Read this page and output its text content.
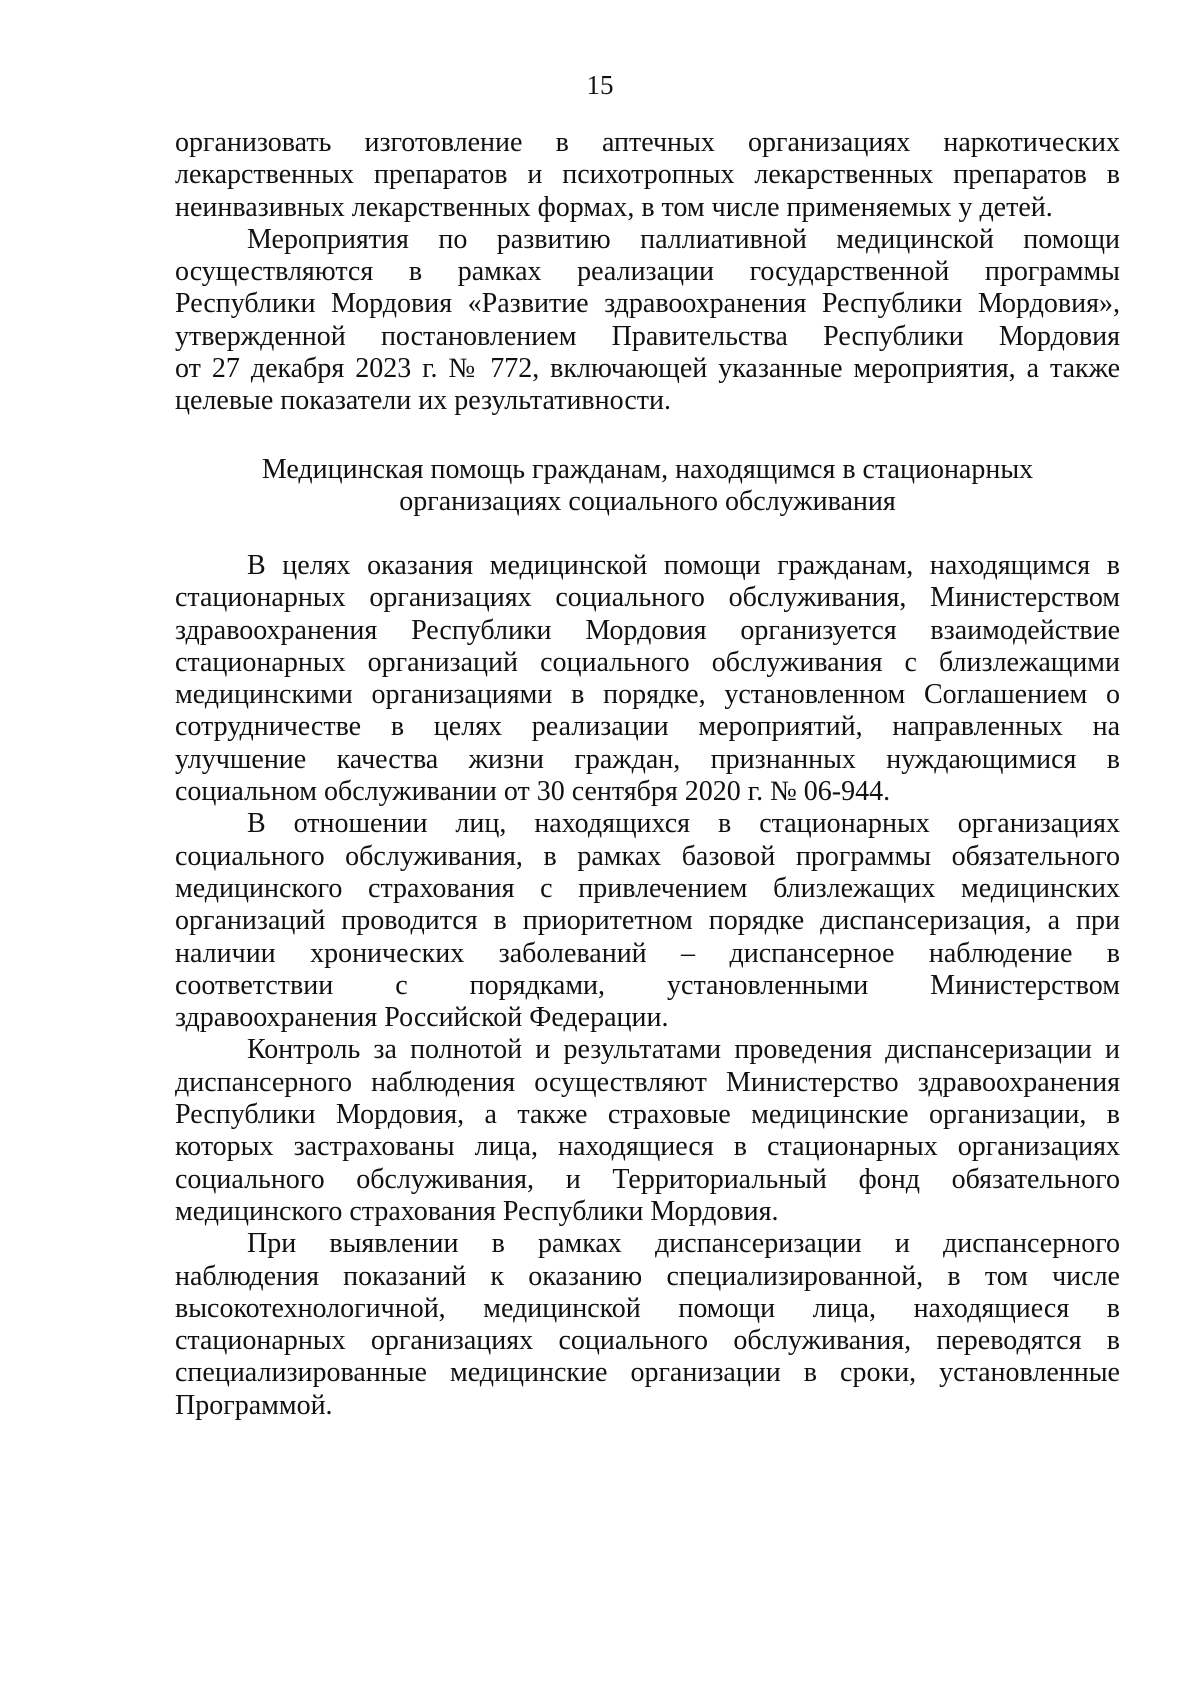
15
организовать изготовление в аптечных организациях наркотических
лекарственных препаратов и психотропных лекарственных препаратов в
неинвазивных лекарственных формах, в том числе применяемых у детей.
Мероприятия по развитию паллиативной медицинской помощи
осуществляются в рамках реализации государственной программы
Республики Мордовия «Развитие здравоохранения Республики Мордовия»,
утвержденной постановлением Правительства Республики Мордовия
от 27 декабря 2023 г. № 772, включающей указанные мероприятия, а также
целевые показатели их результативности.
Медицинская помощь гражданам, находящимся в стационарных
организациях социального обслуживания
В целях оказания медицинской помощи гражданам, находящимся в
стационарных организациях социального обслуживания, Министерством
здравоохранения Республики Мордовия организуется взаимодействие
стационарных организаций социального обслуживания с близлежащими
медицинскими организациями в порядке, установленном Соглашением о
сотрудничестве в целях реализации мероприятий, направленных на
улучшение качества жизни граждан, признанных нуждающимися в
социальном обслуживании от 30 сентября 2020 г. № 06-944.
В отношении лиц, находящихся в стационарных организациях
социального обслуживания, в рамках базовой программы обязательного
медицинского страхования с привлечением близлежащих медицинских
организаций проводится в приоритетном порядке диспансеризация, а при
наличии хронических заболеваний – диспансерное наблюдение в
соответствии с порядками, установленными Министерством
здравоохранения Российской Федерации.
Контроль за полнотой и результатами проведения диспансеризации и
диспансерного наблюдения осуществляют Министерство здравоохранения
Республики Мордовия, а также страховые медицинские организации, в
которых застрахованы лица, находящиеся в стационарных организациях
социального обслуживания, и Территориальный фонд обязательного
медицинского страхования Республики Мордовия.
При выявлении в рамках диспансеризации и диспансерного
наблюдения показаний к оказанию специализированной, в том числе
высокотехнологичной, медицинской помощи лица, находящиеся в
стационарных организациях социального обслуживания, переводятся в
специализированные медицинские организации в сроки, установленные
Программой.
